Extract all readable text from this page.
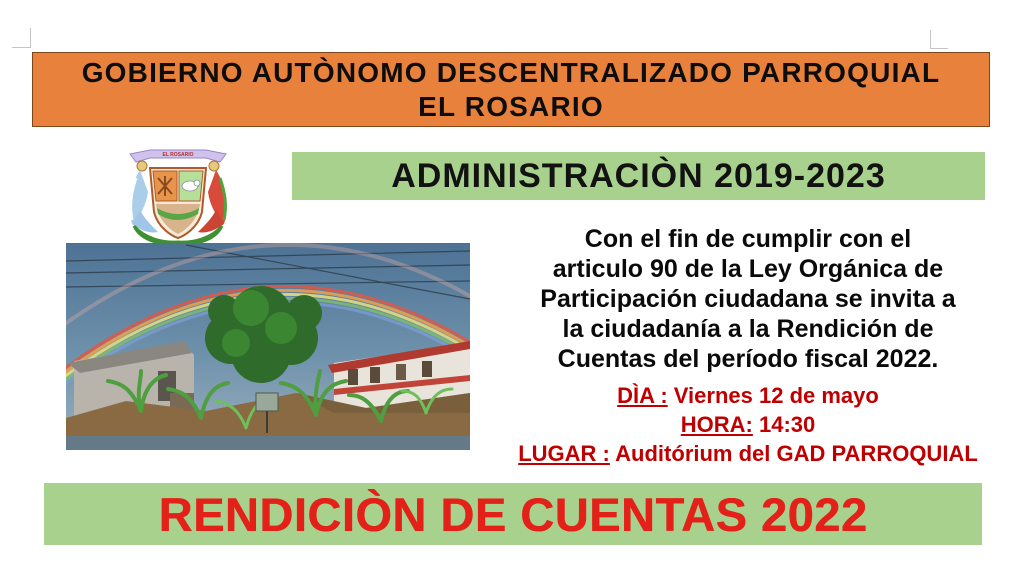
GOBIERNO AUTÒNOMO DESCENTRALIZADO PARROQUIAL
EL ROSARIO
EL ROSARIO
ADMINISTRACIÒN 2019-2023
Con el fin de cumplir con el
articulo 90 de la Ley Orgánica de
Participación ciudadana se invita a
la ciudadanía a la Rendición de
Cuentas del período fiscal 2022.
DÌA : Viernes 12 de mayo
HORA: 14:30
LUGAR : Auditórium del GAD PARROQUIAL
RENDICIÒN DE CUENTAS 2022
